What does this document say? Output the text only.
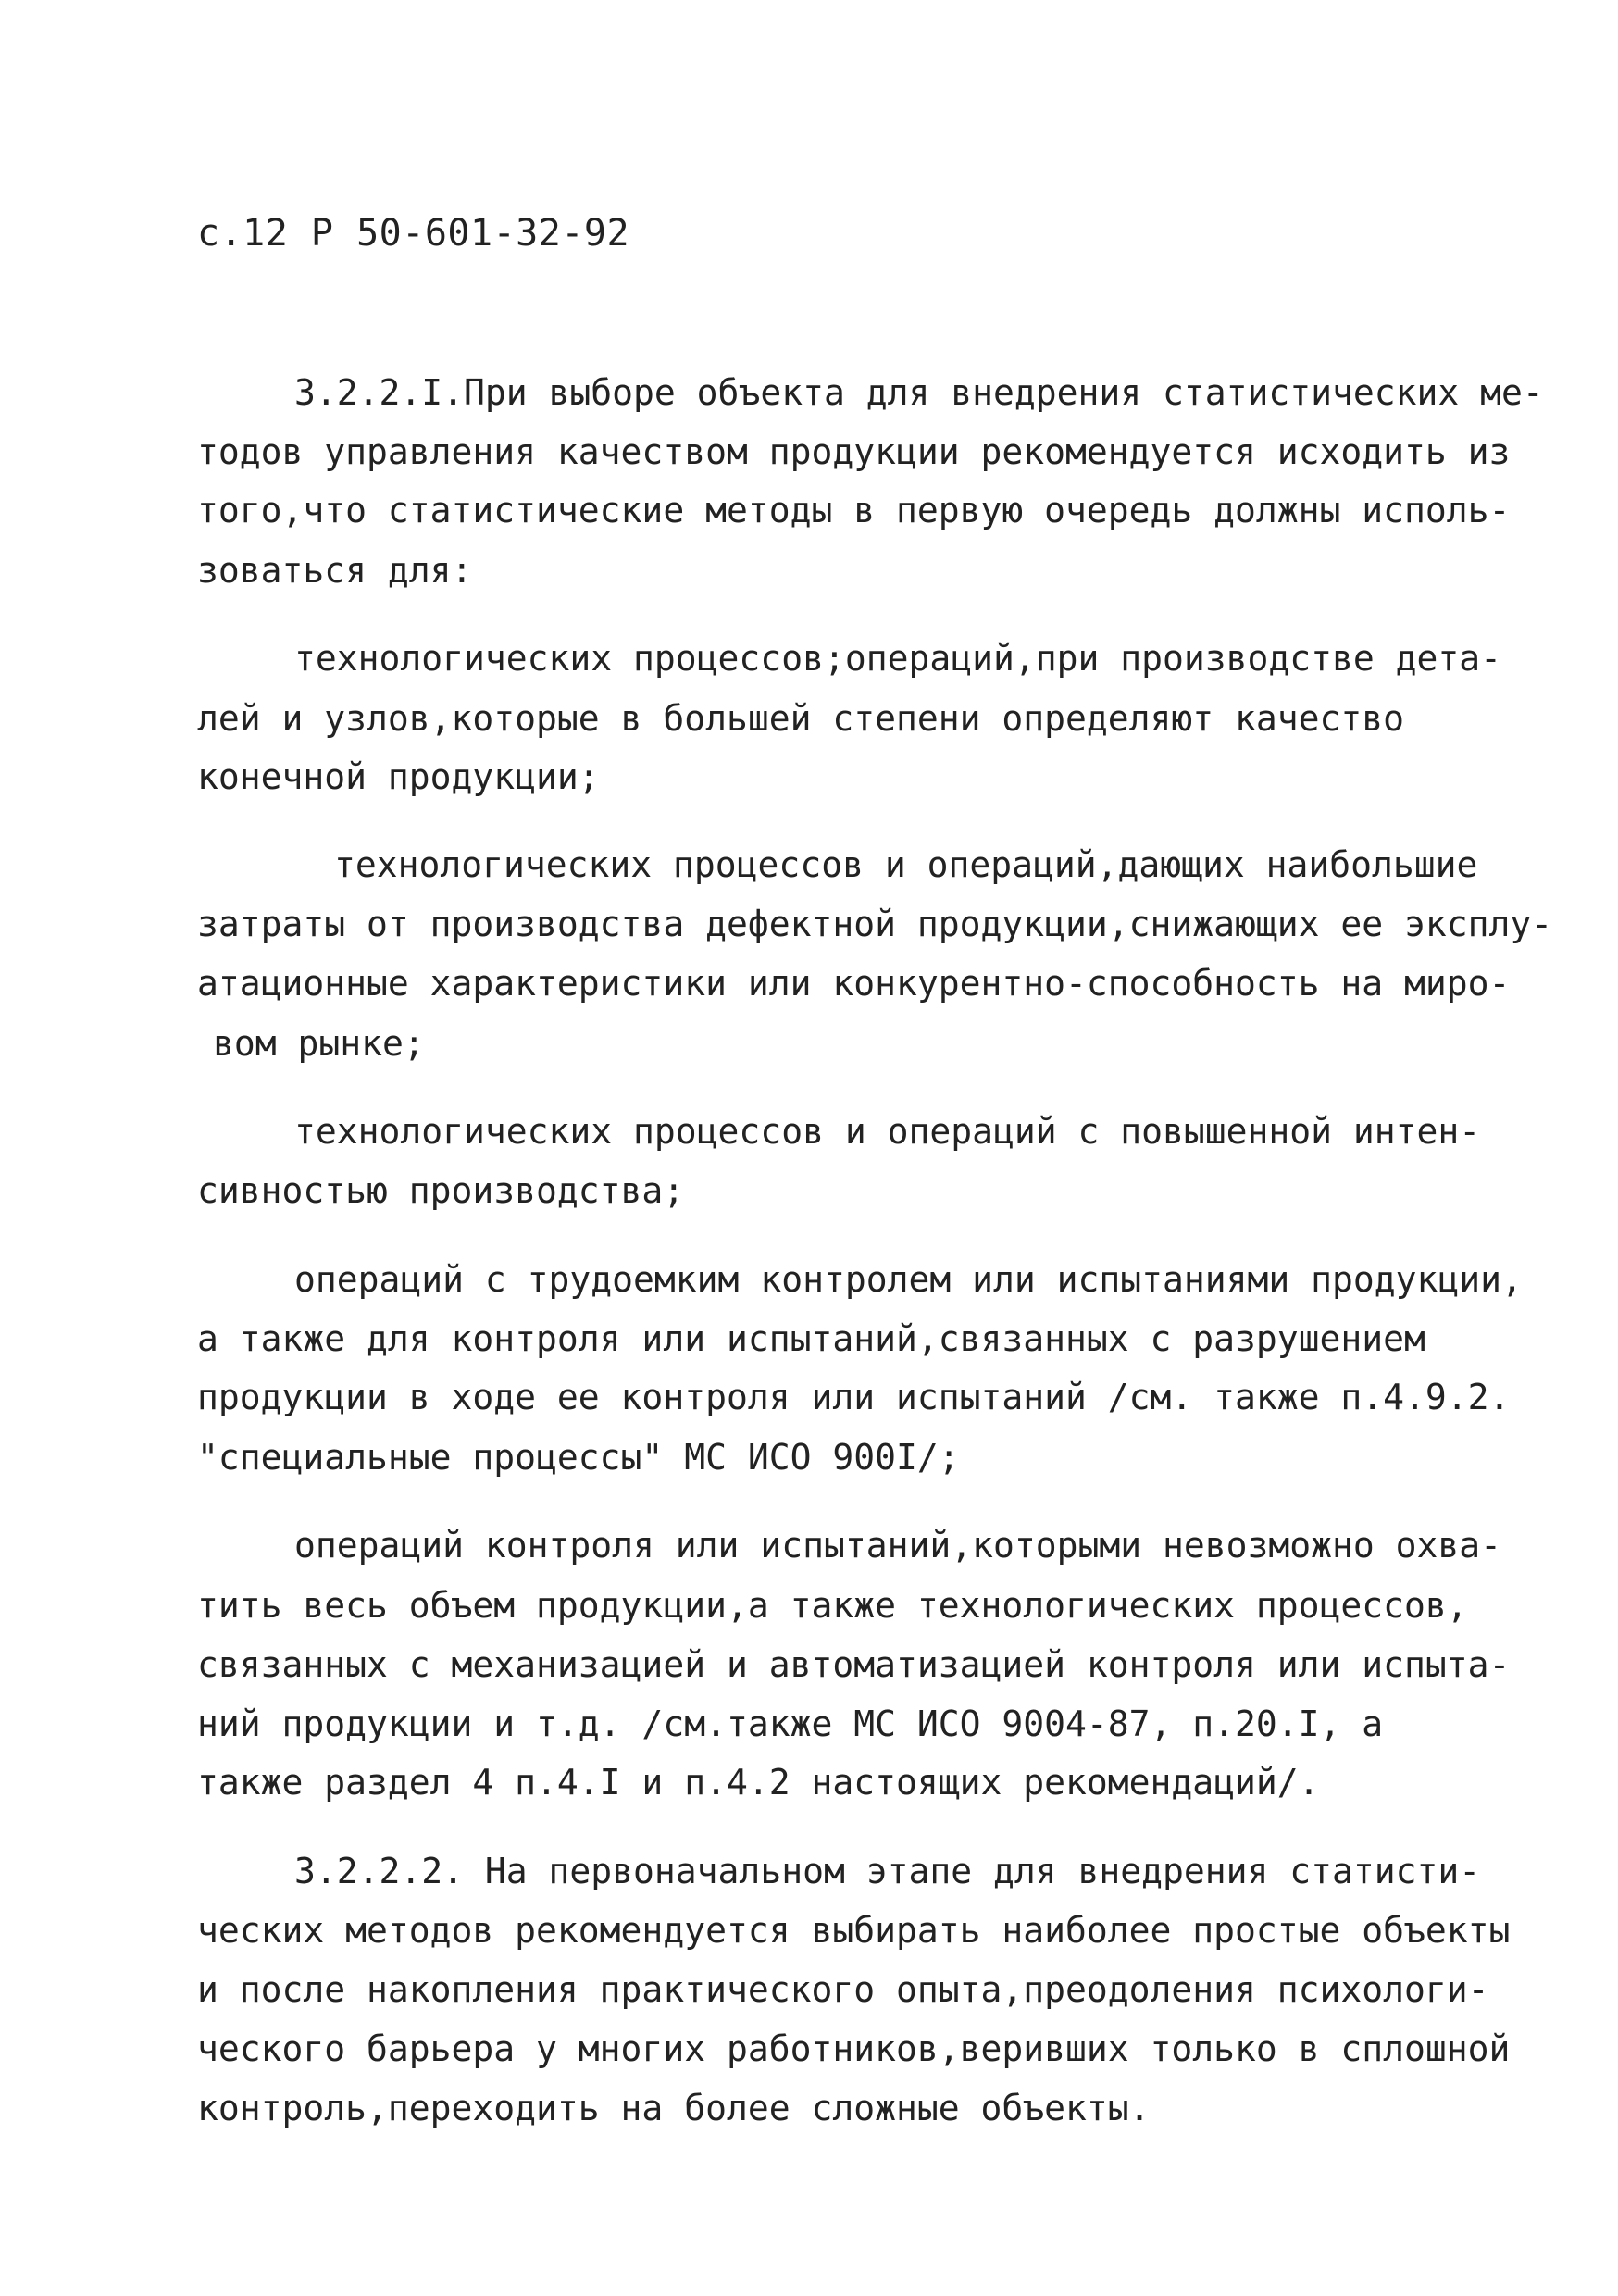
с.12 Р 50-601-32-92
3.2.2.I.При выборе объекта для внедрения статистических ме-
тодов управления качеством продукции рекомендуется исходить из
того,что статистические методы в первую очередь должны исполь-
зоваться для:
технологических процессов;операций,при производстве дета-
лей и узлов,которые в большей степени определяют качество
конечной продукции;
технологических процессов и операций,дающих наибольшие
затраты от производства дефектной продукции,снижающих ее эксплу-
атационные характеристики или конкурентно-способность на миро-
вом рынке;
технологических процессов и операций с повышенной интен-
сивностью производства;
операций с трудоемким контролем или испытаниями продукции,
а также для контроля или испытаний,связанных с разрушением
продукции в ходе ее контроля или испытаний /см. также п.4.9.2.
"специальные процессы" МС ИСО 900I/;
операций контроля или испытаний,которыми невозможно охва-
тить весь объем продукции,а также технологических процессов,
связанных с механизацией и автоматизацией контроля или испыта-
ний продукции и т.д. /см.также МС ИСО 9004-87, п.20.I, а
также раздел 4 п.4.I и п.4.2 настоящих рекомендаций/.
3.2.2.2. На первоначальном этапе для внедрения статисти-
ческих методов рекомендуется выбирать наиболее простые объекты
и после накопления практического опыта,преодоления психологи-
ческого барьера у многих работников,веривших только в сплошной
контроль,переходить на более сложные объекты.
